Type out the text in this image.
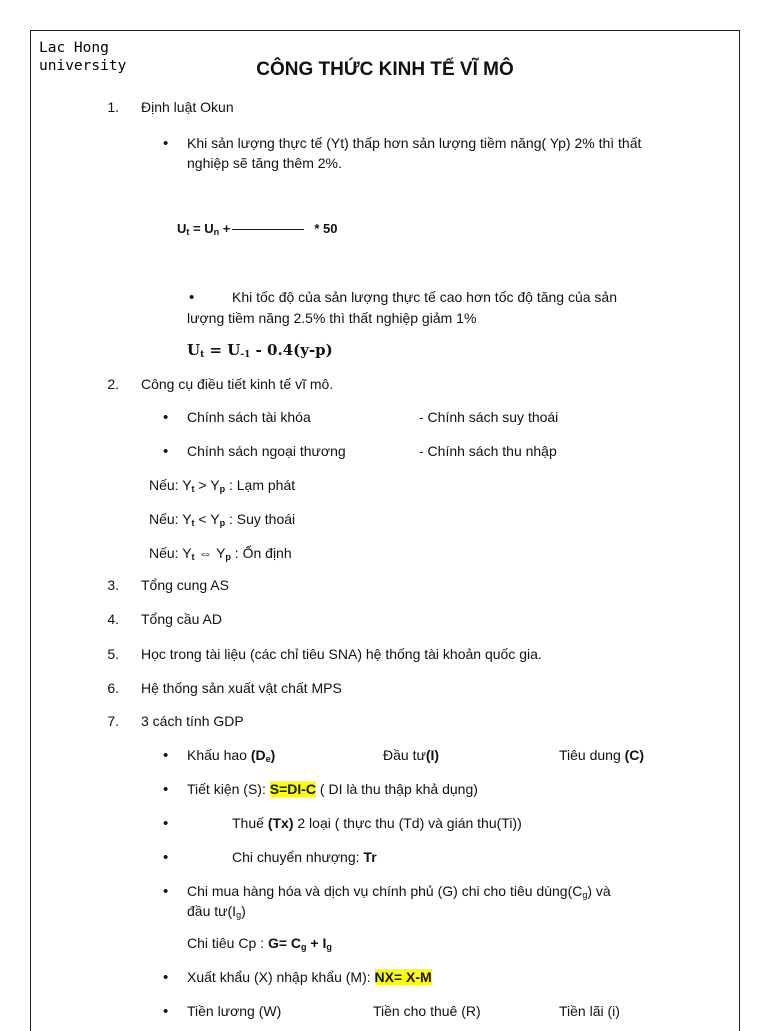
Lac Hong
university	CÔNG THỨC KINH TẾ VĨ MÔ
1. Định luật Okun
•
Khi sản lượng thực tế (Yt) thấp hơn sản lượng tiềm năng( Yp) 2% thì thất
nghiệp sẽ tăng thêm 2%.
$U_t = U_n$ +	* 50
•
Khi tốc độ của sản lượng thực tế cao hơn tốc độ tăng của sản
lượng tiềm năng 2.5% thì thất nghiệp giảm 1%
$U_t = U_{-1} - 0.4(y-p)$
2. Công cụ điều tiết kinh tế vĩ mô.
•
Chính sách tài khóa	- Chính sách suy thoái
•
Chính sách ngoại thương	- Chính sách thu nhập
Nếu: $Y_t > Y_p$ : Lạm phát
Nếu: $Y_t < Y_p$ : Suy thoái
Nếu: $Y_t$ ⇔ $Y_p$ : Ổn định
3. Tổng cung AS
4. Tổng cầu AD
5. Học trong tài liệu (các chỉ tiêu SNA) hệ thống tài khoản quốc gia.
6. Hệ thống sản xuất vật chất MPS
7. 3 cách tính GDP
•
Khấu hao $(D_e)$	Đầu tư(I)	Tiêu dung (C)
•
Tiết kiện (S): S=DI-C ( DI là thu thập khả dụng)
•
Thuế (Tx) 2 loại ( thực thu (Td) và gián thu(Ti))
•
Chi chuyển nhượng: Tr
•
Chi mua hàng hóa và dịch vụ chính phủ (G) chi cho tiêu $dùng(C_g)$ và
đầu $tư(I_g)$
Chi tiêu Cp : $G= C_g + I_g$
•
Xuất khẩu (X) nhập khẩu (M): NX= X-M
•
Tiền lương (W)	Tiền cho thuê (R)	Tiền lãi (i)
